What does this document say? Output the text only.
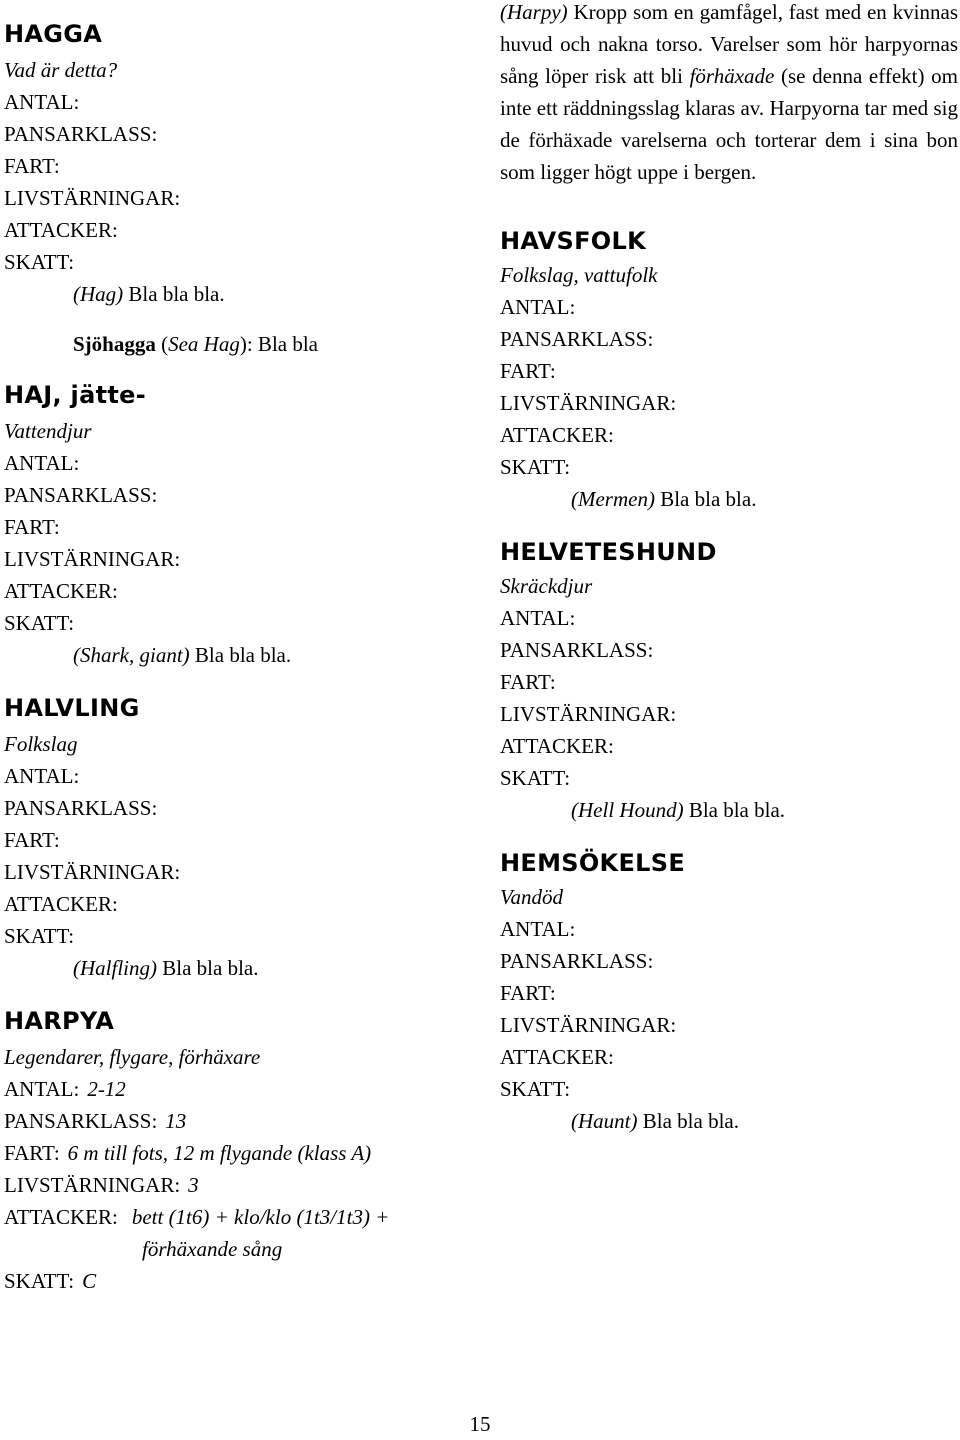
HAGGA
Vad är detta?
ANTAL:
PANSARKLASS:
FART:
LIVSTÄRNINGAR:
ATTACKER:
SKATT:
(Hag) Bla bla bla.
Sjöhagga (Sea Hag): Bla bla
HAJ, jätte-
Vattendjur
ANTAL:
PANSARKLASS:
FART:
LIVSTÄRNINGAR:
ATTACKER:
SKATT:
(Shark, giant) Bla bla bla.
HALVLING
Folkslag
ANTAL:
PANSARKLASS:
FART:
LIVSTÄRNINGAR:
ATTACKER:
SKATT:
(Halfling) Bla bla bla.
HARPYA
Legendarer, flygare, förhäxare
ANTAL: 2-12
PANSARKLASS: 13
FART: 6 m till fots, 12 m flygande (klass A)
LIVSTÄRNINGAR: 3
ATTACKER: bett (1t6) + klo/klo (1t3/1t3) +
förhäxande sång
SKATT: C

(Harpy) Kropp som en gamfågel, fast med en kvinnas huvud och nakna torso. Varelser som hör harpyornas sång löper risk att bli förhäxade (se denna effekt) om inte ett räddningsslag klaras av. Harpyorna tar med sig de förhäxade varelserna och torterar dem i sina bon som ligger högt uppe i bergen.

HAVSFOLK
Folkslag, vattufolk
ANTAL:
PANSARKLASS:
FART:
LIVSTÄRNINGAR:
ATTACKER:
SKATT:
(Mermen) Bla bla bla.
HELVETESHUND
Skräckdjur
ANTAL:
PANSARKLASS:
FART:
LIVSTÄRNINGAR:
ATTACKER:
SKATT:
(Hell Hound) Bla bla bla.
HEMSÖKELSE
Vandöd
ANTAL:
PANSARKLASS:
FART:
LIVSTÄRNINGAR:
ATTACKER:
SKATT:
(Haunt) Bla bla bla.
15
